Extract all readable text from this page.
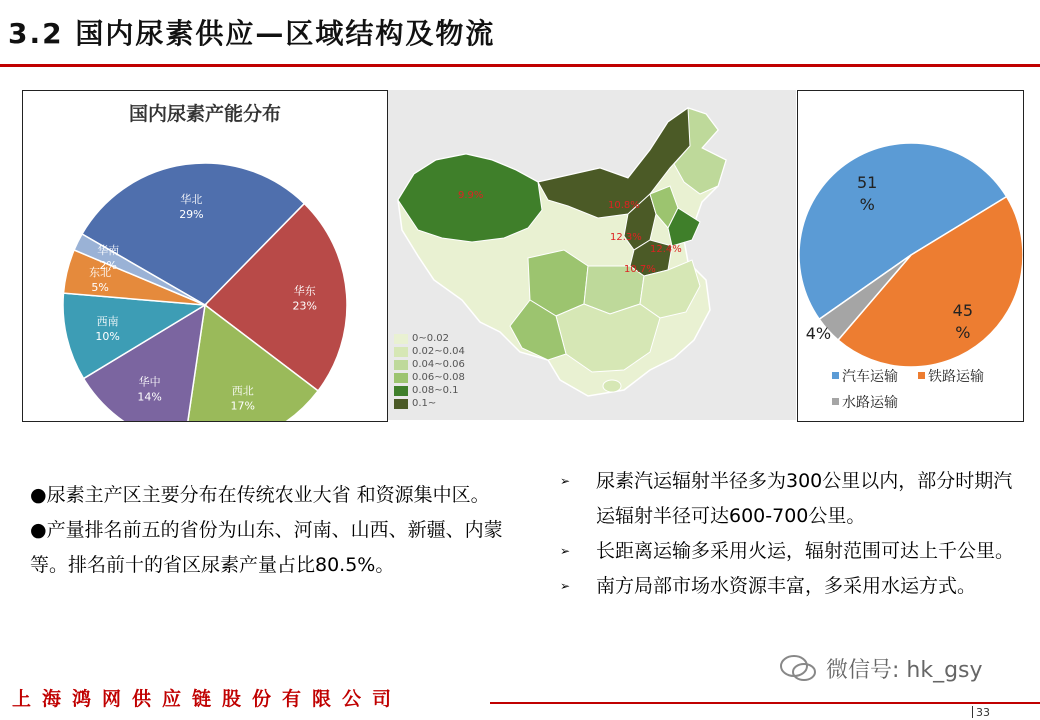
3.2 国内尿素供应—区域结构及物流
国内尿素产能分布
华北
29%
华东
23%
西北
17%
华中
14%
西南
10%
东北
5%
华南
2%
9.9%
10.8%
12.3%
12.4%
10.7%
0~0.02
0.02~0.04
0.04~0.06
0.06~0.08
0.08~0.1
0.1~
51
%
45
%
4%
汽车运输 铁路运输
水路运输
●尿素主产区主要分布在传统农业大省 和资源集中区。
●产量排名前五的省份为山东、河南、山西、新疆、内蒙等。排名前十的省区尿素产量占比80.5%。
➢ 尿素汽运辐射半径多为300公里以内，部分时期汽运辐射半径可达600-700公里。
➢ 长距离运输多采用火运，辐射范围可达上千公里。
➢ 南方局部市场水资源丰富，多采用水运方式。
微信号: hk_gsy
上海鸿网供应链股份有限公司
33
